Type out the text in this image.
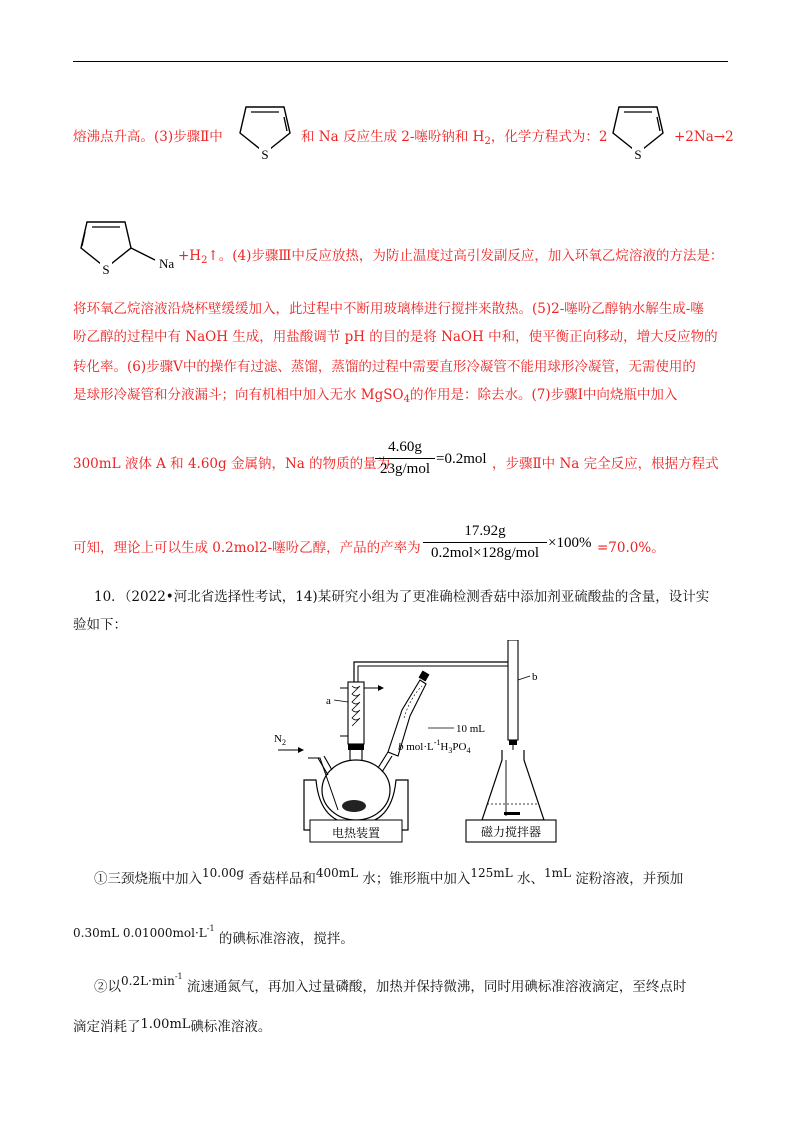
熔沸点升高。(3)步骤Ⅱ中
S
和 Na 反应生成 2-噻吩钠和 $H_2$，化学方程式为：2
S
+2Na→2
S	$Na +H_2↑$。(4)步骤Ⅲ中反应放热，为防止温度过高引发副反应，加入环氧乙烷溶液的方法是：
将环氧乙烷溶液沿烧杯壁缓缓加入，此过程中不断用玻璃棒进行搅拌来散热。(5)2-噻吩乙醇钠水解生成-噻
吩乙醇的过程中有 NaOH 生成，用盐酸调节 pH 的目的是将 NaOH 中和，使平衡正向移动，增大反应物的
转化率。(6)步骤Ⅴ中的操作有过滤、蒸馏，蒸馏的过程中需要直形冷凝管不能用球形冷凝管，无需使用的
是球形冷凝管和分液漏斗；向有机相中加入无水 MgSO$_4$的作用是：除去水。(7)步骤Ⅰ中向烧瓶中加入
300mL 液体 A 和 4.60g 金属钠，Na 的物质的量为
4.60g
23g/mol
=0.2mol ，步骤Ⅱ中 Na 完全反应，根据方程式
可知，理论上可以生成 0.2mol2-噻吩乙醇，产品的产率为
17.92g
0.2mol×128g/mol
×100% =70.0%。
10．（2022•河北省选择性考试，14)某研究小组为了更准确检测香菇中添加剂亚硫酸盐的含量，设计实
验如下：
a
10 mL
b $mol\cdot L^{-1}H_3PO_4$
$N_2$
电热装置
b
磁力搅拌器
①三颈烧瓶中加入10.00g 香菇样品和400mL 水；锥形瓶中加入125mL 水、1mL 淀粉溶液，并预加
0.30mL $0.01000mol\cdot L^{-1}$ 的碘标准溶液，搅拌。
②以$0.2L\cdot\min^{-1}$ 流速通氮气，再加入过量磷酸，加热并保持微沸，同时用碘标准溶液滴定，至终点时
滴定消耗了1.00mL碘标准溶液。
